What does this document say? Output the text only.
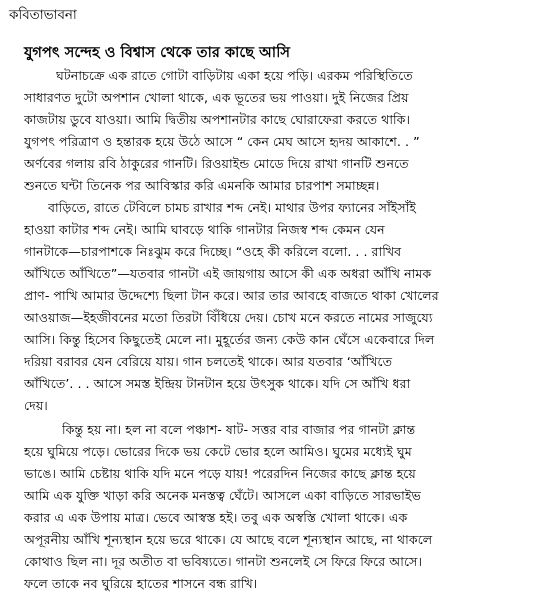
কবিতাভাবনা
যুগপৎ সন্দেহ ও বিশ্বাস থেকে তার কাছে আসি
ঘটনাচক্রে এক রাতে গোটা বাড়িটায় একা হয়ে পড়ি। এরকম পরিস্থিতিতে
সাধারণত দুটো অপশান খোলা থাকে, এক ভূতের ভয় পাওয়া। দুই নিজের প্রিয়
কাজটায় ডুবে যাওয়া। আমি দ্বিতীয় অপশানটার কাছে ঘোরাফেরা করতে থাকি।
যুগপৎ পরিত্রাণ ও হন্তারক হয়ে উঠে আসে “ কেন মেঘ আসে হৃদয় আকাশে. . ”
অর্ণবের গলায় রবি ঠাকুরের গানটি। রিওয়াইন্ড মোডে দিয়ে রাখা গানটি শুনতে
শুনতে ঘন্টা তিনেক পর আবিস্কার করি এমনকি আমার চারপাশ সমাচ্ছন্ন।
বাড়িতে, রাতে টেবিলে চামচ রাখার শব্দ নেই। মাথার উপর ফ্যানের সাঁইসাঁই
হাওয়া কাটার শব্দ নেই। আমি ঘাবড়ে থাকি গানটার নিজস্ব শব্দ কেমন যেন
গানটাকে—চারপাশকে নিঃঝুম করে দিচ্ছে। “ওহে কী করিলে বলো. . . রাখিব
আঁখিতে আঁখিতে”—যতবার গানটা এই জায়গায় আসে কী এক অধরা আঁখি নামক
প্রাণ- পাখি আমার উদ্দেশ্যে ছিলা টান করে। আর তার আবহে বাজতে থাকা খোলের
আওয়াজ—ইহজীবনের মতো তিরটা বিঁধিয়ে দেয়। চোখ মনে করতে নামের সাজুয্যে
আসি। কিন্তু হিসেব কিছুতেই মেলে না। মুহূর্তের জন্য কেউ কান ঘেঁসে একেবারে দিল
দরিয়া বরাবর যেন বেরিয়ে যায়। গান চলতেই থাকে। আর যতবার ‘আঁখিতে
আঁখিতে’. . . আসে সমস্ত ইন্দ্রিয় টানটান হয়ে উৎসুক থাকে। যদি সে আঁখি ধরা
দেয়।
কিন্তু হয় না। হল না বলে পঞ্চাশ- ষাট- সত্তর বার বাজার পর গানটা ক্লান্ত
হয়ে ঘুমিয়ে পড়ে। ভোরের দিকে ভয় কেটে ভোর হলে আমিও। ঘুমের মধ্যেই ঘুম
ভাঙে। আমি চেষ্টায় থাকি যদি মনে পড়ে যায়! পরেরদিন নিজের কাছে ক্লান্ত হয়ে
আমি এক যুক্তি খাড়া করি অনেক মনস্তত্ব ঘেঁটে। আসলে একা বাড়িতে সারভাইভ
করার এ এক উপায় মাত্র। ভেবে আস্বস্ত হই। তবু এক অস্বস্তি খোলা থাকে। এক
অপূরনীয় আঁখি শূন্যস্থান হয়ে ভরে থাকে। যে আছে বলে শূন্যস্থান আছে, না থাকলে
কোথাও ছিল না। দূর অতীত বা ভবিষ্যতে। গানটা শুনলেই সে ফিরে ফিরে আসে।
ফলে তাকে নব ঘুরিয়ে হাতের শাসনে বন্ধ রাখি।
